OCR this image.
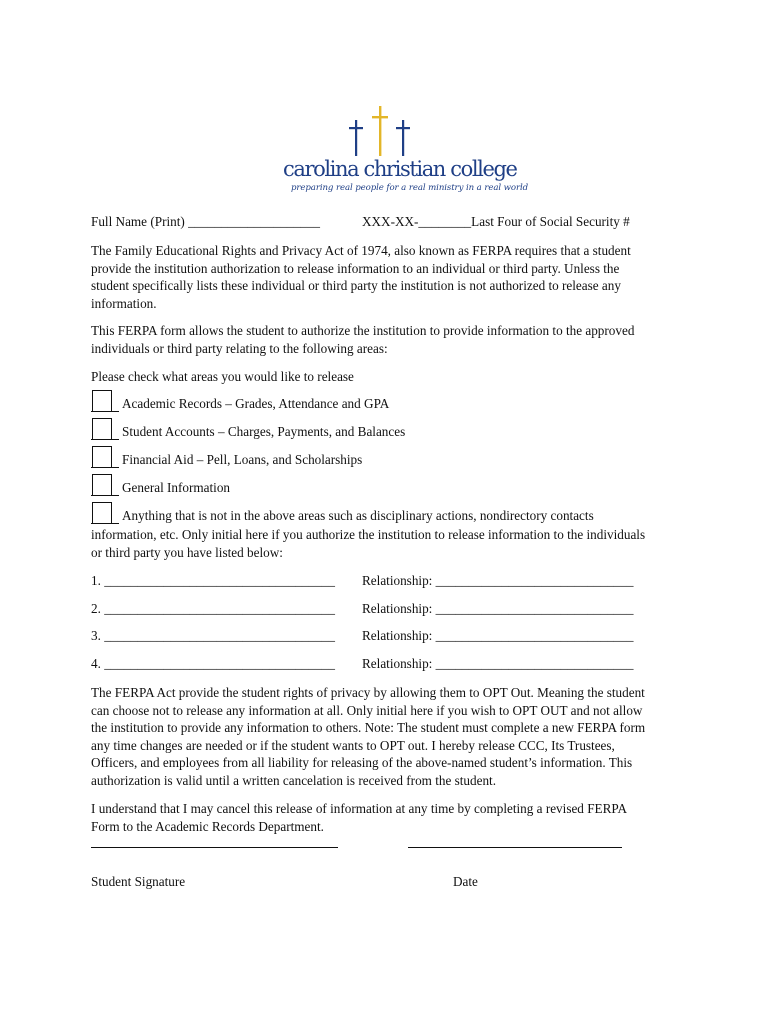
carolina christian college
preparing real people for a real ministry in a real world
Full Name (Print) ____________________	XXX-XX-________Last Four of Social Security #
The Family Educational Rights and Privacy Act of 1974, also known as FERPA requires that a student
provide the institution authorization to release information to an individual or third party. Unless the
student specifically lists these individual or third party the institution is not authorized to release any
information.
This FERPA form allows the student to authorize the institution to provide information to the approved
individuals or third party relating to the following areas:
Please check what areas you would like to release
Academic Records – Grades, Attendance and GPA
Student Accounts – Charges, Payments, and Balances
Financial Aid – Pell, Loans, and Scholarships
General Information
Anything that is not in the above areas such as disciplinary actions, nondirectory contacts
information, etc. Only initial here if you authorize the institution to release information to the individuals
or third party you have listed below:
1. ___________________________________ Relationship: ______________________________
2. ___________________________________ Relationship: ______________________________
3. ___________________________________ Relationship: ______________________________
4. ___________________________________ Relationship: ______________________________
The FERPA Act provide the student rights of privacy by allowing them to OPT Out. Meaning the student
can choose not to release any information at all. Only initial here if you wish to OPT OUT and not allow
the institution to provide any information to others. Note: The student must complete a new FERPA form
any time changes are needed or if the student wants to OPT out. I hereby release CCC, Its Trustees,
Officers, and employees from all liability for releasing of the above-named student’s information. This
authorization is valid until a written cancelation is received from the student.
I understand that I may cancel this release of information at any time by completing a revised FERPA
Form to the Academic Records Department.
Student Signature	Date
